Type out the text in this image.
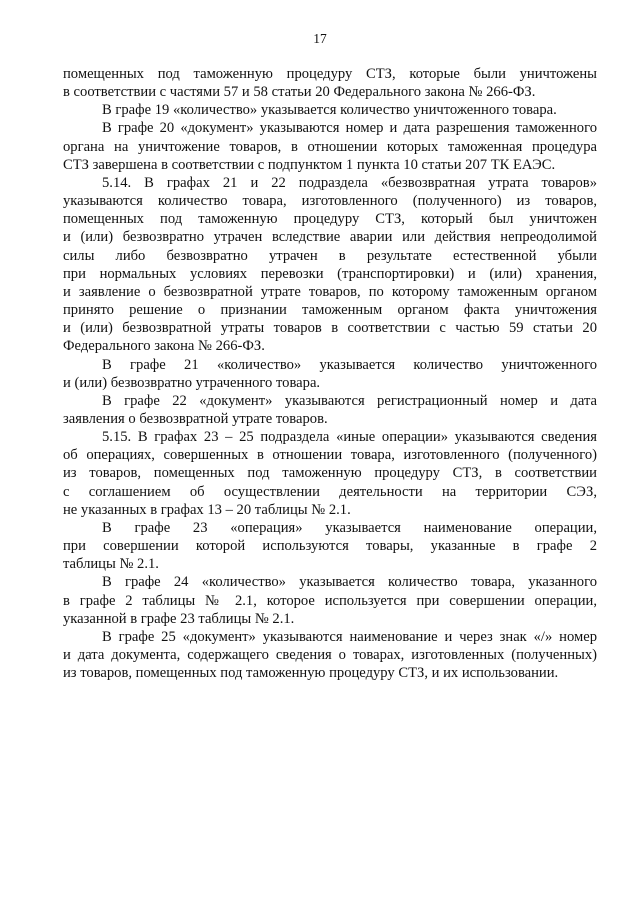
17
помещенных под таможенную процедуру СТЗ, которые были уничтожены
в соответствии с частями 57 и 58 статьи 20 Федерального закона № 266-ФЗ.
В графе 19 «количество» указывается количество уничтоженного товара.
В графе 20 «документ» указываются номер и дата разрешения таможенного
органа на уничтожение товаров, в отношении которых таможенная процедура
СТЗ завершена в соответствии с подпунктом 1 пункта 10 статьи 207 ТК ЕАЭС.
5.14. В графах 21 и 22 подраздела «безвозвратная утрата товаров»
указываются количество товара, изготовленного (полученного) из товаров,
помещенных под таможенную процедуру СТЗ, который был уничтожен
и (или) безвозвратно утрачен вследствие аварии или действия непреодолимой
силы либо безвозвратно утрачен в результате естественной убыли
при нормальных условиях перевозки (транспортировки) и (или) хранения,
и заявление о безвозвратной утрате товаров, по которому таможенным органом
принято решение о признании таможенным органом факта уничтожения
и (или) безвозвратной утраты товаров в соответствии с частью 59 статьи 20
Федерального закона № 266-ФЗ.
В графе 21 «количество» указывается количество уничтоженного
и (или) безвозвратно утраченного товара.
В графе 22 «документ» указываются регистрационный номер и дата
заявления о безвозвратной утрате товаров.
5.15. В графах 23 – 25 подраздела «иные операции» указываются сведения
об операциях, совершенных в отношении товара, изготовленного (полученного)
из товаров, помещенных под таможенную процедуру СТЗ, в соответствии
с соглашением об осуществлении деятельности на территории СЭЗ,
не указанных в графах 13 – 20 таблицы № 2.1.
В графе 23 «операция» указывается наименование операции,
при совершении которой используются товары, указанные в графе 2
таблицы № 2.1.
В графе 24 «количество» указывается количество товара, указанного
в графе 2 таблицы № 2.1, которое используется при совершении операции,
указанной в графе 23 таблицы № 2.1.
В графе 25 «документ» указываются наименование и через знак «/» номер
и дата документа, содержащего сведения о товарах, изготовленных (полученных)
из товаров, помещенных под таможенную процедуру СТЗ, и их использовании.
